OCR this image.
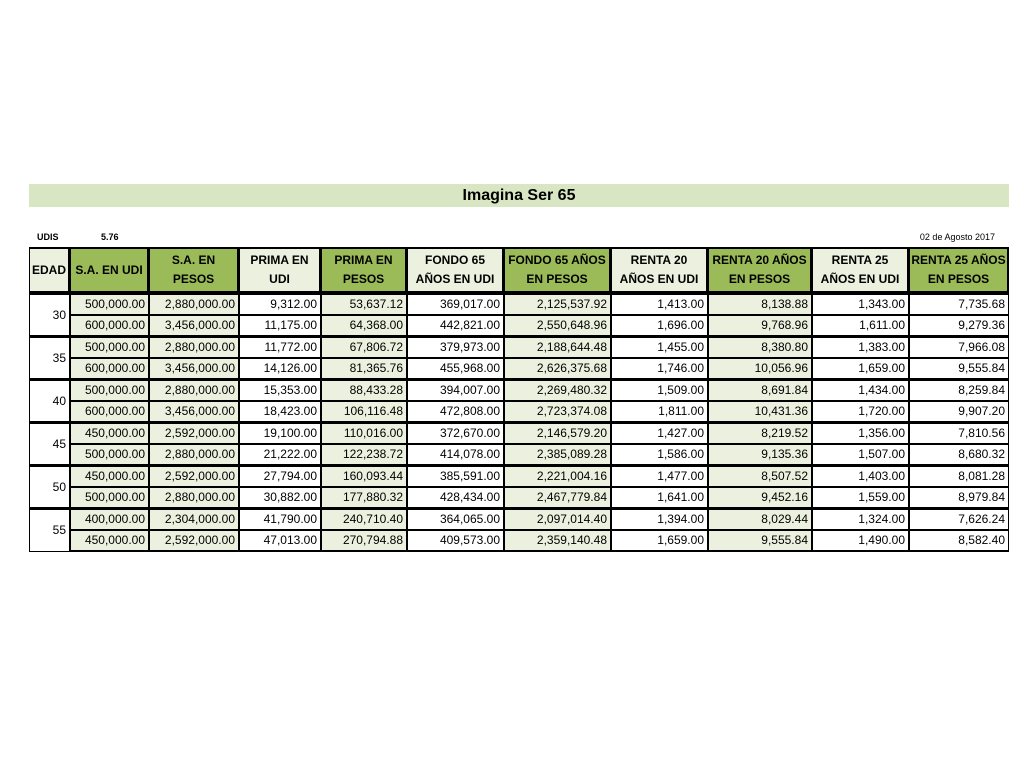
Imagina Ser 65
UDIS	5.76	02 de Agosto 2017
EDAD	S.A. EN UDI	S.A. EN PESOS	PRIMA EN UDI	PRIMA EN PESOS	FONDO 65 AÑOS EN UDI	FONDO 65 AÑOS EN PESOS	RENTA 20 AÑOS EN UDI	RENTA 20 AÑOS EN PESOS	RENTA 25 AÑOS EN UDI	RENTA 25 AÑOS EN PESOS
30	500,000.00	2,880,000.00	9,312.00	53,637.12	369,017.00	2,125,537.92	1,413.00	8,138.88	1,343.00	7,735.68
	600,000.00	3,456,000.00	11,175.00	64,368.00	442,821.00	2,550,648.96	1,696.00	9,768.96	1,611.00	9,279.36
35	500,000.00	2,880,000.00	11,772.00	67,806.72	379,973.00	2,188,644.48	1,455.00	8,380.80	1,383.00	7,966.08
	600,000.00	3,456,000.00	14,126.00	81,365.76	455,968.00	2,626,375.68	1,746.00	10,056.96	1,659.00	9,555.84
40	500,000.00	2,880,000.00	15,353.00	88,433.28	394,007.00	2,269,480.32	1,509.00	8,691.84	1,434.00	8,259.84
	600,000.00	3,456,000.00	18,423.00	106,116.48	472,808.00	2,723,374.08	1,811.00	10,431.36	1,720.00	9,907.20
45	450,000.00	2,592,000.00	19,100.00	110,016.00	372,670.00	2,146,579.20	1,427.00	8,219.52	1,356.00	7,810.56
	500,000.00	2,880,000.00	21,222.00	122,238.72	414,078.00	2,385,089.28	1,586.00	9,135.36	1,507.00	8,680.32
50	450,000.00	2,592,000.00	27,794.00	160,093.44	385,591.00	2,221,004.16	1,477.00	8,507.52	1,403.00	8,081.28
	500,000.00	2,880,000.00	30,882.00	177,880.32	428,434.00	2,467,779.84	1,641.00	9,452.16	1,559.00	8,979.84
55	400,000.00	2,304,000.00	41,790.00	240,710.40	364,065.00	2,097,014.40	1,394.00	8,029.44	1,324.00	7,626.24
	450,000.00	2,592,000.00	47,013.00	270,794.88	409,573.00	2,359,140.48	1,659.00	9,555.84	1,490.00	8,582.40
